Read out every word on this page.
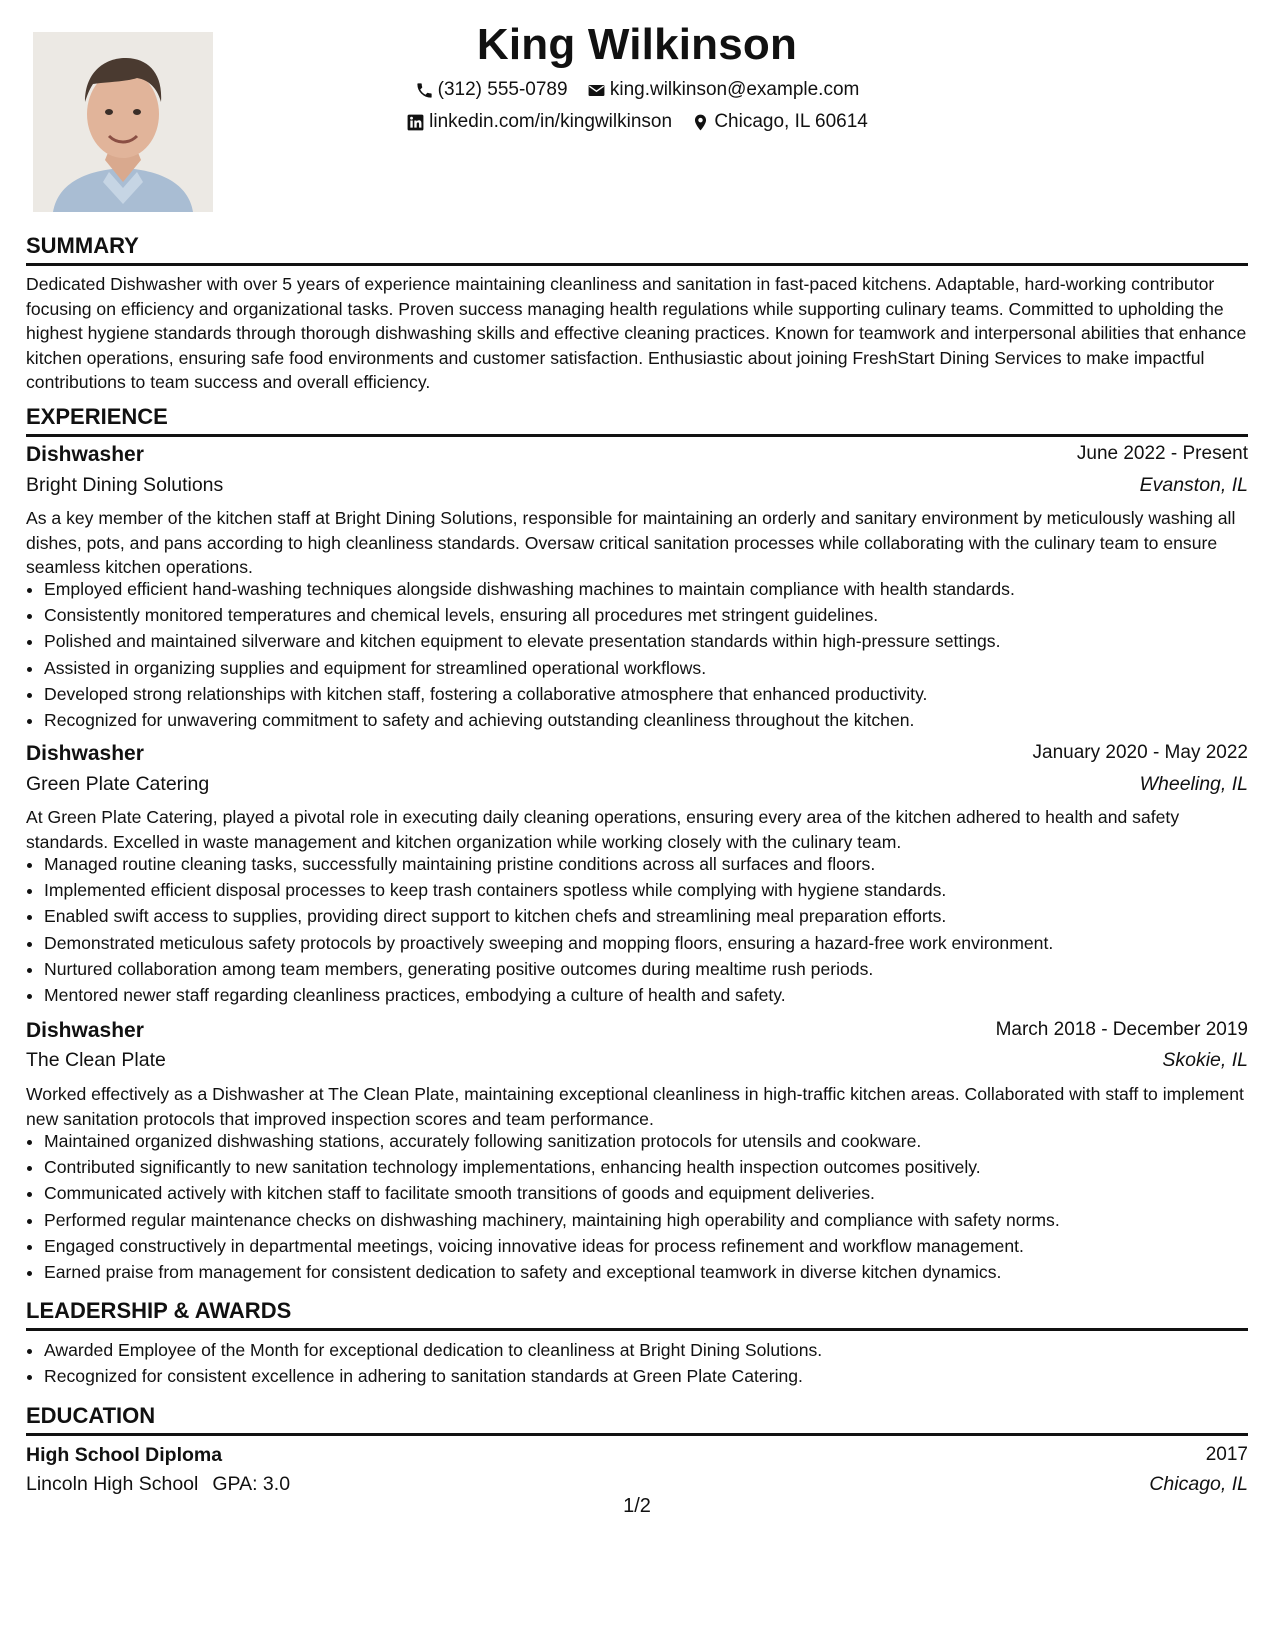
King Wilkinson
(312) 555-0789
king.wilkinson@example.com
linkedin.com/in/kingwilkinson
Chicago, IL 60614
SUMMARY
Dedicated Dishwasher with over 5 years of experience maintaining cleanliness and sanitation in fast-paced kitchens. Adaptable, hard-working contributor focusing on efficiency and organizational tasks. Proven success managing health regulations while supporting culinary teams. Committed to upholding the highest hygiene standards through thorough dishwashing skills and effective cleaning practices. Known for teamwork and interpersonal abilities that enhance kitchen operations, ensuring safe food environments and customer satisfaction. Enthusiastic about joining FreshStart Dining Services to make impactful contributions to team success and overall efficiency.
EXPERIENCE
Dishwasher	June 2022 - Present
Bright Dining Solutions	Evanston, IL
As a key member of the kitchen staff at Bright Dining Solutions, responsible for maintaining an orderly and sanitary environment by meticulously washing all dishes, pots, and pans according to high cleanliness standards. Oversaw critical sanitation processes while collaborating with the culinary team to ensure seamless kitchen operations.
• Employed efficient hand-washing techniques alongside dishwashing machines to maintain compliance with health standards.
• Consistently monitored temperatures and chemical levels, ensuring all procedures met stringent guidelines.
• Polished and maintained silverware and kitchen equipment to elevate presentation standards within high-pressure settings.
• Assisted in organizing supplies and equipment for streamlined operational workflows.
• Developed strong relationships with kitchen staff, fostering a collaborative atmosphere that enhanced productivity.
• Recognized for unwavering commitment to safety and achieving outstanding cleanliness throughout the kitchen.
Dishwasher	January 2020 - May 2022
Green Plate Catering	Wheeling, IL
At Green Plate Catering, played a pivotal role in executing daily cleaning operations, ensuring every area of the kitchen adhered to health and safety standards. Excelled in waste management and kitchen organization while working closely with the culinary team.
• Managed routine cleaning tasks, successfully maintaining pristine conditions across all surfaces and floors.
• Implemented efficient disposal processes to keep trash containers spotless while complying with hygiene standards.
• Enabled swift access to supplies, providing direct support to kitchen chefs and streamlining meal preparation efforts.
• Demonstrated meticulous safety protocols by proactively sweeping and mopping floors, ensuring a hazard-free work environment.
• Nurtured collaboration among team members, generating positive outcomes during mealtime rush periods.
• Mentored newer staff regarding cleanliness practices, embodying a culture of health and safety.
Dishwasher	March 2018 - December 2019
The Clean Plate	Skokie, IL
Worked effectively as a Dishwasher at The Clean Plate, maintaining exceptional cleanliness in high-traffic kitchen areas. Collaborated with staff to implement new sanitation protocols that improved inspection scores and team performance.
• Maintained organized dishwashing stations, accurately following sanitization protocols for utensils and cookware.
• Contributed significantly to new sanitation technology implementations, enhancing health inspection outcomes positively.
• Communicated actively with kitchen staff to facilitate smooth transitions of goods and equipment deliveries.
• Performed regular maintenance checks on dishwashing machinery, maintaining high operability and compliance with safety norms.
• Engaged constructively in departmental meetings, voicing innovative ideas for process refinement and workflow management.
• Earned praise from management for consistent dedication to safety and exceptional teamwork in diverse kitchen dynamics.
LEADERSHIP & AWARDS
• Awarded Employee of the Month for exceptional dedication to cleanliness at Bright Dining Solutions.
• Recognized for consistent excellence in adhering to sanitation standards at Green Plate Catering.
EDUCATION
High School Diploma	2017
Lincoln High School GPA: 3.0	Chicago, IL
1/2
